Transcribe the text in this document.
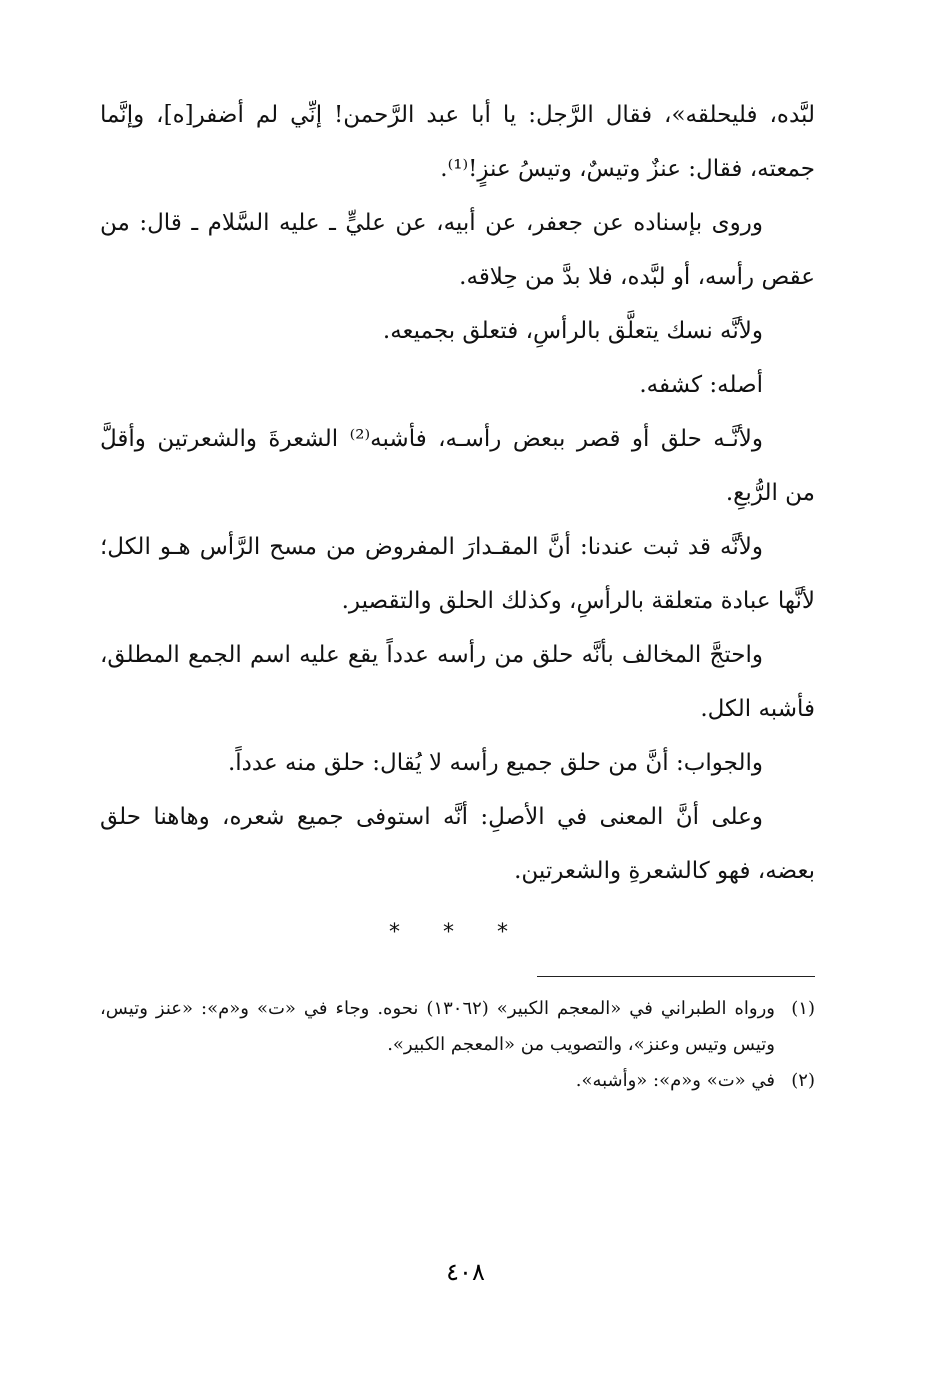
لبَّده، فليحلقه»، فقال الرَّجل: يا أبا عبد الرَّحمن! إنِّي لم أضفر[ه]، وإنَّما جمعته، فقال: عنزٌ وتيسٌ، وتيسُ عنزٍ!⁽¹⁾.

وروى بإسناده عن جعفر، عن أبيه، عن عليٍّ ـ عليه السَّلام ـ قال: من عقص رأسه، أو لبَّده، فلا بدَّ من حِلاقه.

ولأنَّه نسك يتعلَّق بالرأسِ، فتعلق بجميعه.

أصله: كشفه.

ولأنَّـه حلق أو قصر ببعض رأسـه، فأشبه⁽²⁾ الشعرةَ والشعرتين وأقلَّ من الرُّبعِ.

ولأنَّه قد ثبت عندنا: أنَّ المقـدارَ المفروض من مسح الرَّأس هـو الكل؛ لأنَّها عبادة متعلقة بالرأسِ، وكذلك الحلق والتقصير.

واحتجَّ المخالف بأنَّه حلق من رأسه عدداً يقع عليه اسم الجمع المطلق، فأشبه الكل.

والجواب: أنَّ من حلق جميع رأسه لا يُقال: حلق منه عدداً.

وعلى أنَّ المعنى في الأصلِ: أنَّه استوفى جميع شعره، وهاهنا حلق بعضه، فهو كالشعرةِ والشعرتين.

* * *
(١)
ورواه الطبراني في «المعجم الكبير» (١٣٠٦٢) نحوه. وجاء في «ت» و«م»: «عنز وتيس، وتيس وتيس وعنز»، والتصويب من «المعجم الكبير».
(٢)
في «ت» و«م»: «وأشبه».
٤٠٨
